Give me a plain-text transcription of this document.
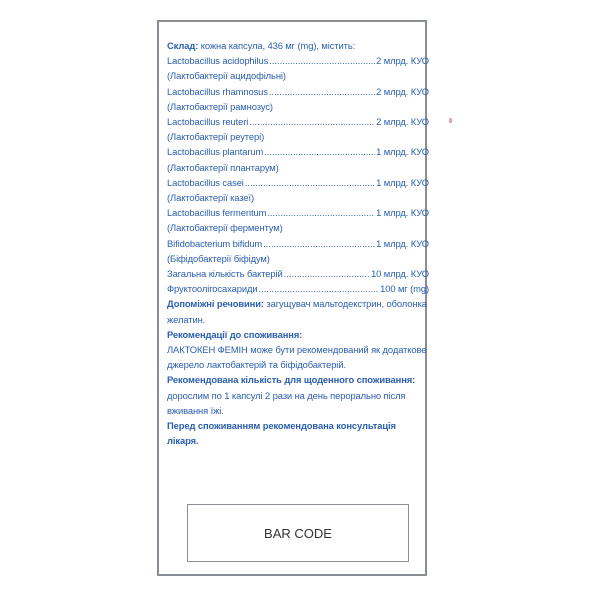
Склад: кожна капсула, 436 мг (mg), містить:
Lactobacillus acidophilus .....	2 млрд. КУО
(Лактобактерії ацидофільні)
Lactobacillus rhamnosus .....	2 млрд. КУО
(Лактобактерії рамнозус)
Lactobacillus reuteri .....	2 млрд. КУО
(Лактобактерії реутері)
Lactobacillus plantarum .....	1 млрд. КУО
(Лактобактерії плантарум)
Lactobacillus casei .....	1 млрд. КУО
(Лактобактерії казеї)
Lactobacillus fermentum .....	1 млрд. КУО
(Лактобактерії ферментум)
Bifidobacterium bifidum .....	1 млрд. КУО
(Біфідобактерії біфідум)
Загальна кількість бактерій .....	10 млрд. КУО
Фруктоолігосахариди .....	100 мг (mg)
Допоміжні речовини: загущувач мальтодекстрин, оболонка желатин.
Рекомендації до споживання:
ЛАКТОКЕН ФЕМІН може бути рекомендований як додаткове джерело лактобактерій та біфідобактерій.
Рекомендована кількість для щоденного споживання: дорослим по 1 капсулі 2 рази на день перорально після вживання їжі.
Перед споживанням рекомендована консультація лікаря.
BAR CODE
